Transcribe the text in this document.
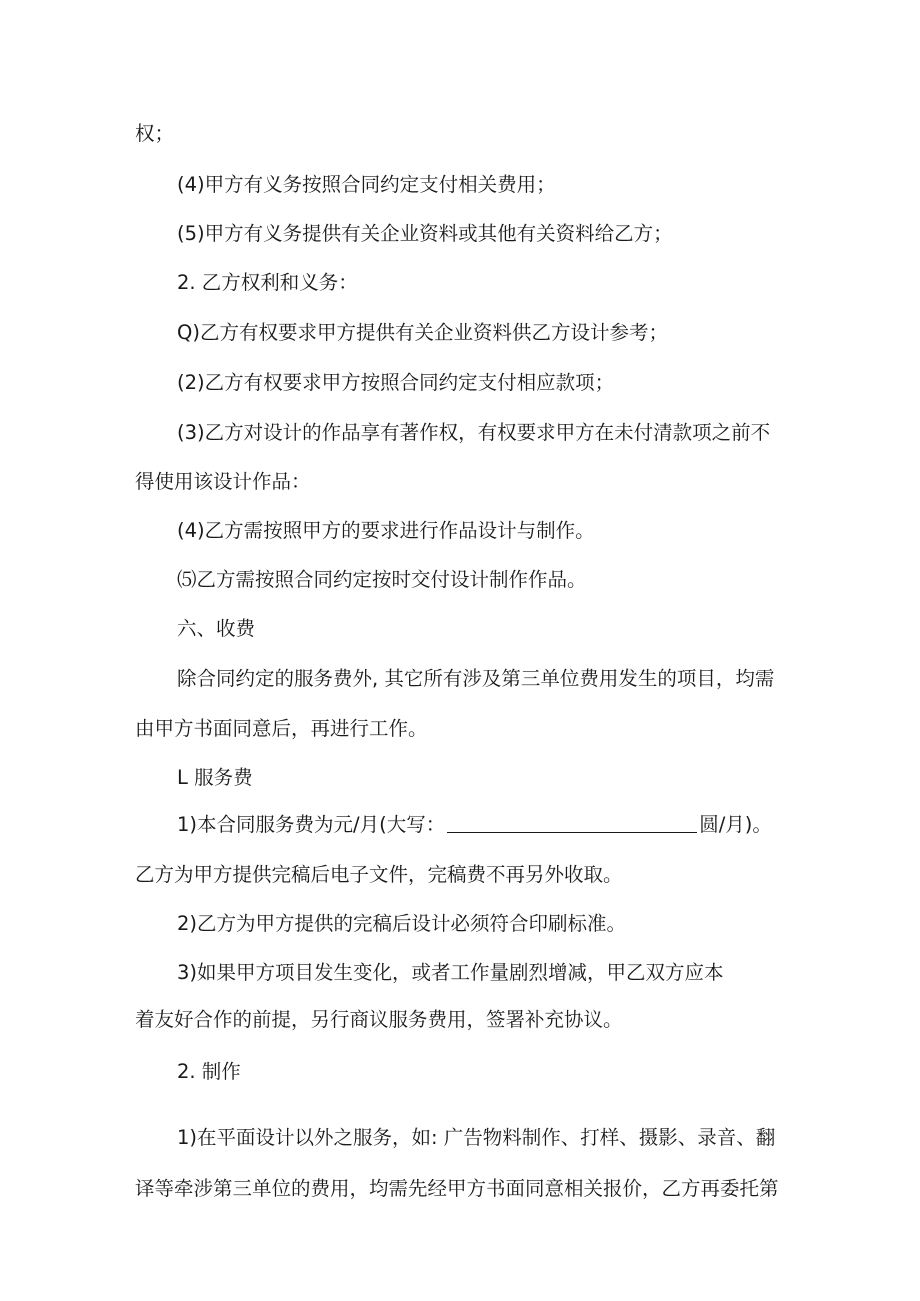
权；
(4)甲方有义务按照合同约定支付相关费用；
(5)甲方有义务提供有关企业资料或其他有关资料给乙方；
2. 乙方权利和义务：
Q)乙方有权要求甲方提供有关企业资料供乙方设计参考；
(2)乙方有权要求甲方按照合同约定支付相应款项；
(3)乙方对设计的作品享有著作权，有权要求甲方在未付清款项之前不
得使用该设计作品：
(4)乙方需按照甲方的要求进行作品设计与制作。
⑸乙方需按照合同约定按时交付设计制作作品。
六、收费
除合同约定的服务费外, 其它所有涉及第三单位费用发生的项目，均需
由甲方书面同意后，再进行工作。
L 服务费
1)本合同服务费为元/月(大写：	圆/月)。
乙方为甲方提供完稿后电子文件，完稿费不再另外收取。
2)乙方为甲方提供的完稿后设计必须符合印刷标准。
3)如果甲方项目发生变化，或者工作量剧烈增减，甲乙双方应本
着友好合作的前提，另行商议服务费用，签署补充协议。
2. 制作
1)在平面设计以外之服务，如: 广告物料制作、打样、摄影、录音、翻
译等牵涉第三单位的费用，均需先经甲方书面同意相关报价，乙方再委托第
